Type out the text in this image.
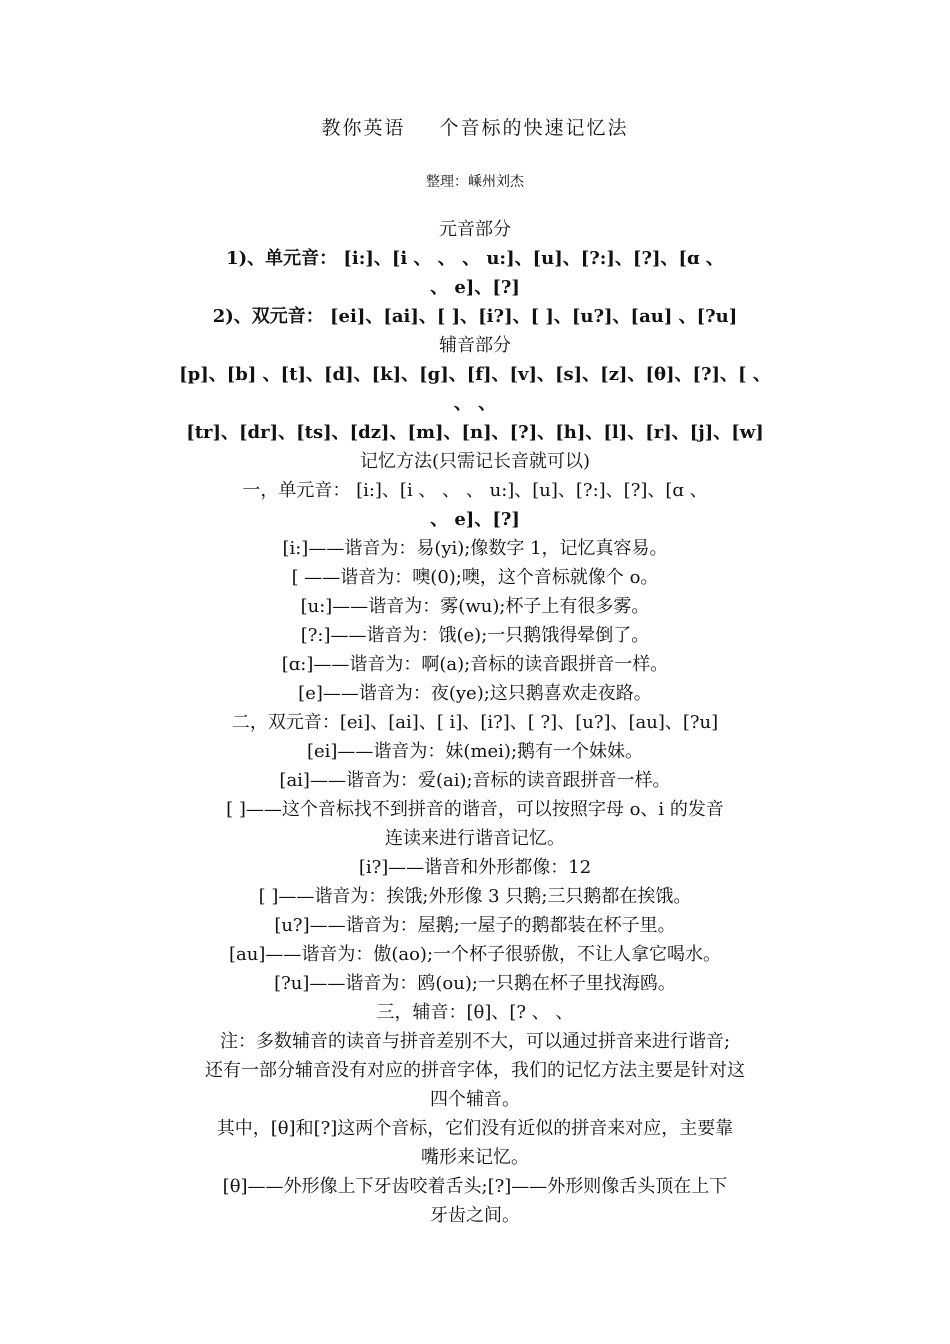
教你英语 个音标的快速记忆法
整理：嵊州刘杰
元音部分
1)、单元音： [i:]、[i 、 、 、 u:]、[u]、[?:]、[?]、[ɑ 、
、 e]、[?]
2)、双元音： [ei]、[ai]、[ ]、[i?]、[ ]、[u?]、[au] 、[?u]
辅音部分
[p]、[b] 、[t]、[d]、[k]、[g]、[f]、[v]、[s]、[z]、[θ]、[?]、[ 、
、 、
[tr]、[dr]、[ts]、[dz]、[m]、[n]、[?]、[h]、[l]、[r]、[j]、[w]
记忆方法(只需记长音就可以)
一，单元音： [i:]、[i 、 、 、 u:]、[u]、[?:]、[?]、[ɑ 、
、 e]、[?]
[i:]——谐音为：易(yi);像数字 1，记忆真容易。
[ ——谐音为：噢(0);噢，这个音标就像个 o。
[u:]——谐音为：雾(wu);杯子上有很多雾。
[?:]——谐音为：饿(e);一只鹅饿得晕倒了。
[ɑ:]——谐音为：啊(a);音标的读音跟拼音一样。
[e]——谐音为：夜(ye);这只鹅喜欢走夜路。
二，双元音：[ei]、[ai]、[ i]、[i?]、[ ?]、[u?]、[au]、[?u]
[ei]——谐音为：妹(mei);鹅有一个妹妹。
[ai]——谐音为：爱(ai);音标的读音跟拼音一样。
[ ]——这个音标找不到拼音的谐音，可以按照字母 o、i 的发音
连读来进行谐音记忆。
[i?]——谐音和外形都像：12
[ ]——谐音为：挨饿;外形像 3 只鹅;三只鹅都在挨饿。
[u?]——谐音为：屋鹅;一屋子的鹅都装在杯子里。
[au]——谐音为：傲(ao);一个杯子很骄傲，不让人拿它喝水。
[?u]——谐音为：鸥(ou);一只鹅在杯子里找海鸥。
三，辅音：[θ]、[? 、 、
注：多数辅音的读音与拼音差别不大，可以通过拼音来进行谐音;
还有一部分辅音没有对应的拼音字体，我们的记忆方法主要是针对这
四个辅音。
其中，[θ]和[?]这两个音标，它们没有近似的拼音来对应，主要靠
嘴形来记忆。
[θ]——外形像上下牙齿咬着舌头;[?]——外形则像舌头顶在上下
牙齿之间。
